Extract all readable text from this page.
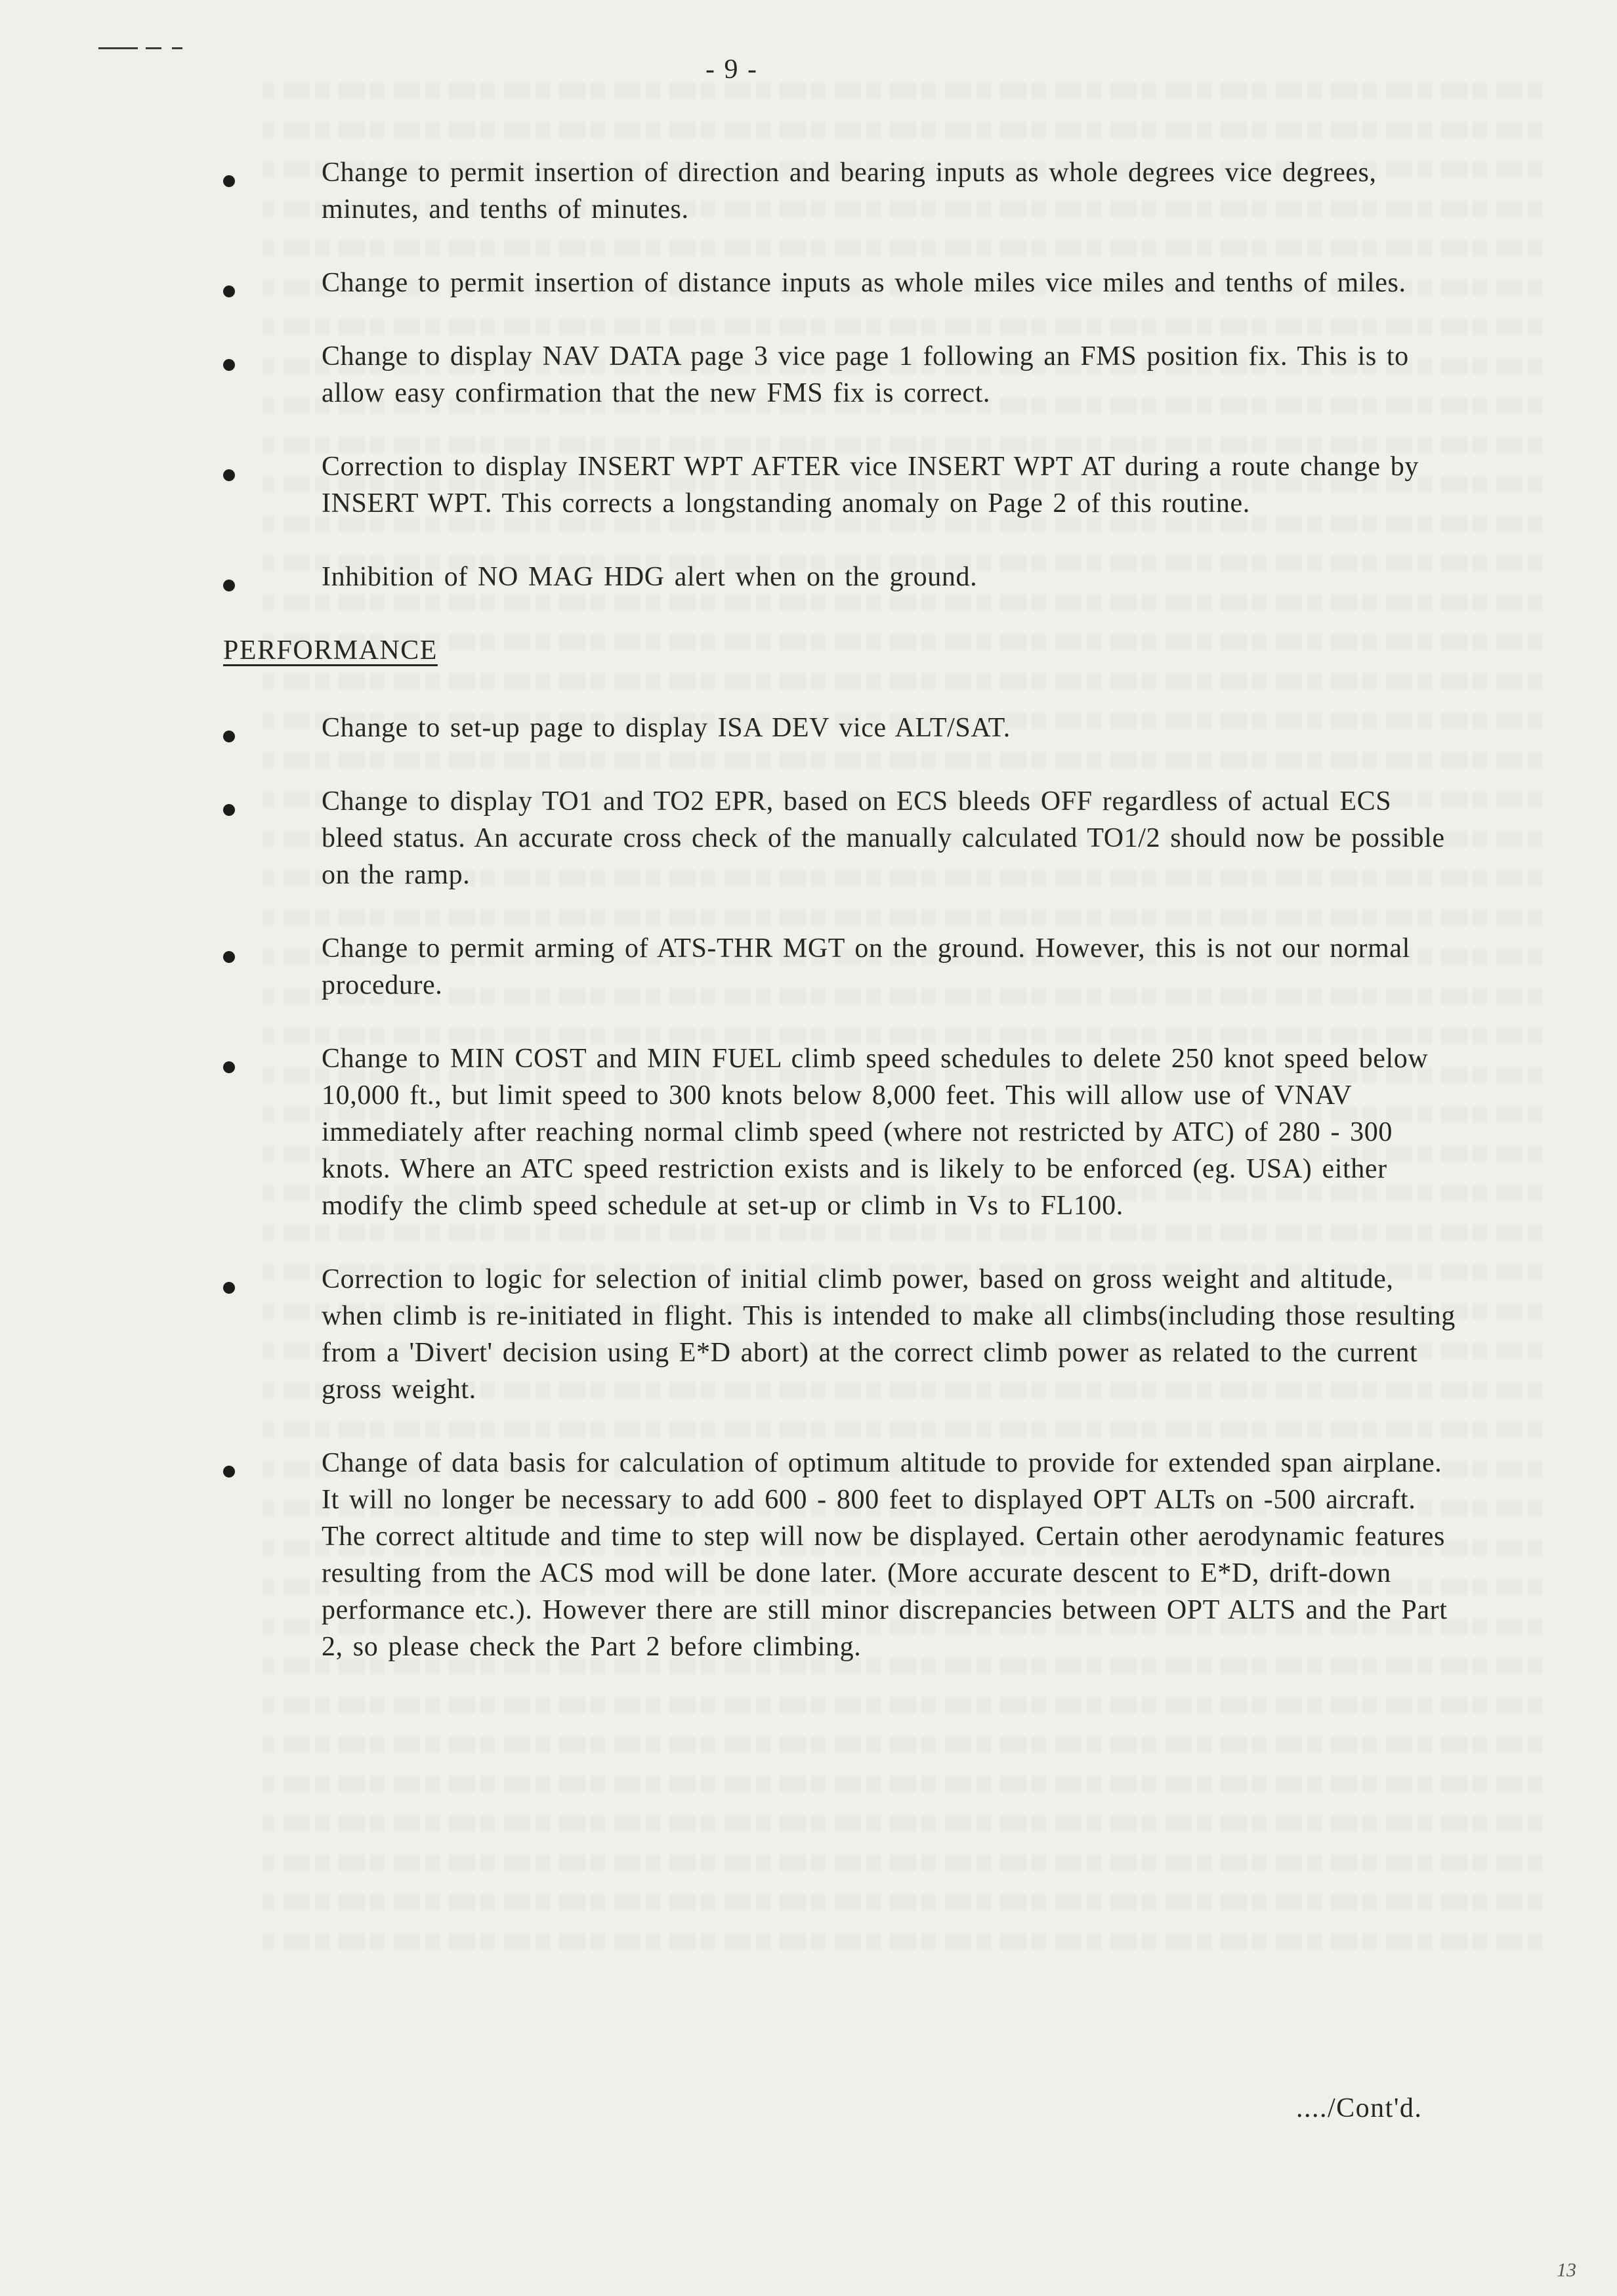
- 9 -
Change to permit insertion of direction and bearing inputs as whole degrees vice degrees, minutes, and tenths of minutes.
Change to permit insertion of distance inputs as whole miles vice miles and tenths of miles.
Change to display NAV DATA page 3 vice page 1 following an FMS position fix. This is to allow easy confirmation that the new FMS fix is correct.
Correction to display INSERT WPT AFTER vice INSERT WPT AT during a route change by INSERT WPT. This corrects a longstanding anomaly on Page 2 of this routine.
Inhibition of NO MAG HDG alert when on the ground.
PERFORMANCE
Change to set-up page to display ISA DEV vice ALT/SAT.
Change to display TO1 and TO2 EPR, based on ECS bleeds OFF regardless of actual ECS bleed status. An accurate cross check of the manually calculated TO1/2 should now be possible on the ramp.
Change to permit arming of ATS-THR MGT on the ground. However, this is not our normal procedure.
Change to MIN COST and MIN FUEL climb speed schedules to delete 250 knot speed below 10,000 ft., but limit speed to 300 knots below 8,000 feet. This will allow use of VNAV immediately after reaching normal climb speed (where not restricted by ATC) of 280 - 300 knots. Where an ATC speed restriction exists and is likely to be enforced (eg. USA) either modify the climb speed schedule at set-up or climb in Vs to FL100.
Correction to logic for selection of initial climb power, based on gross weight and altitude, when climb is re-initiated in flight. This is intended to make all climbs(including those resulting from a 'Divert' decision using E*D abort) at the correct climb power as related to the current gross weight.
Change of data basis for calculation of optimum altitude to provide for extended span airplane. It will no longer be necessary to add 600 - 800 feet to displayed OPT ALTs on -500 aircraft. The correct altitude and time to step will now be displayed. Certain other aerodynamic features resulting from the ACS mod will be done later. (More accurate descent to E*D, drift-down performance etc.). However there are still minor discrepancies between OPT ALTS and the Part 2, so please check the Part 2 before climbing.
..../Cont'd.
13
